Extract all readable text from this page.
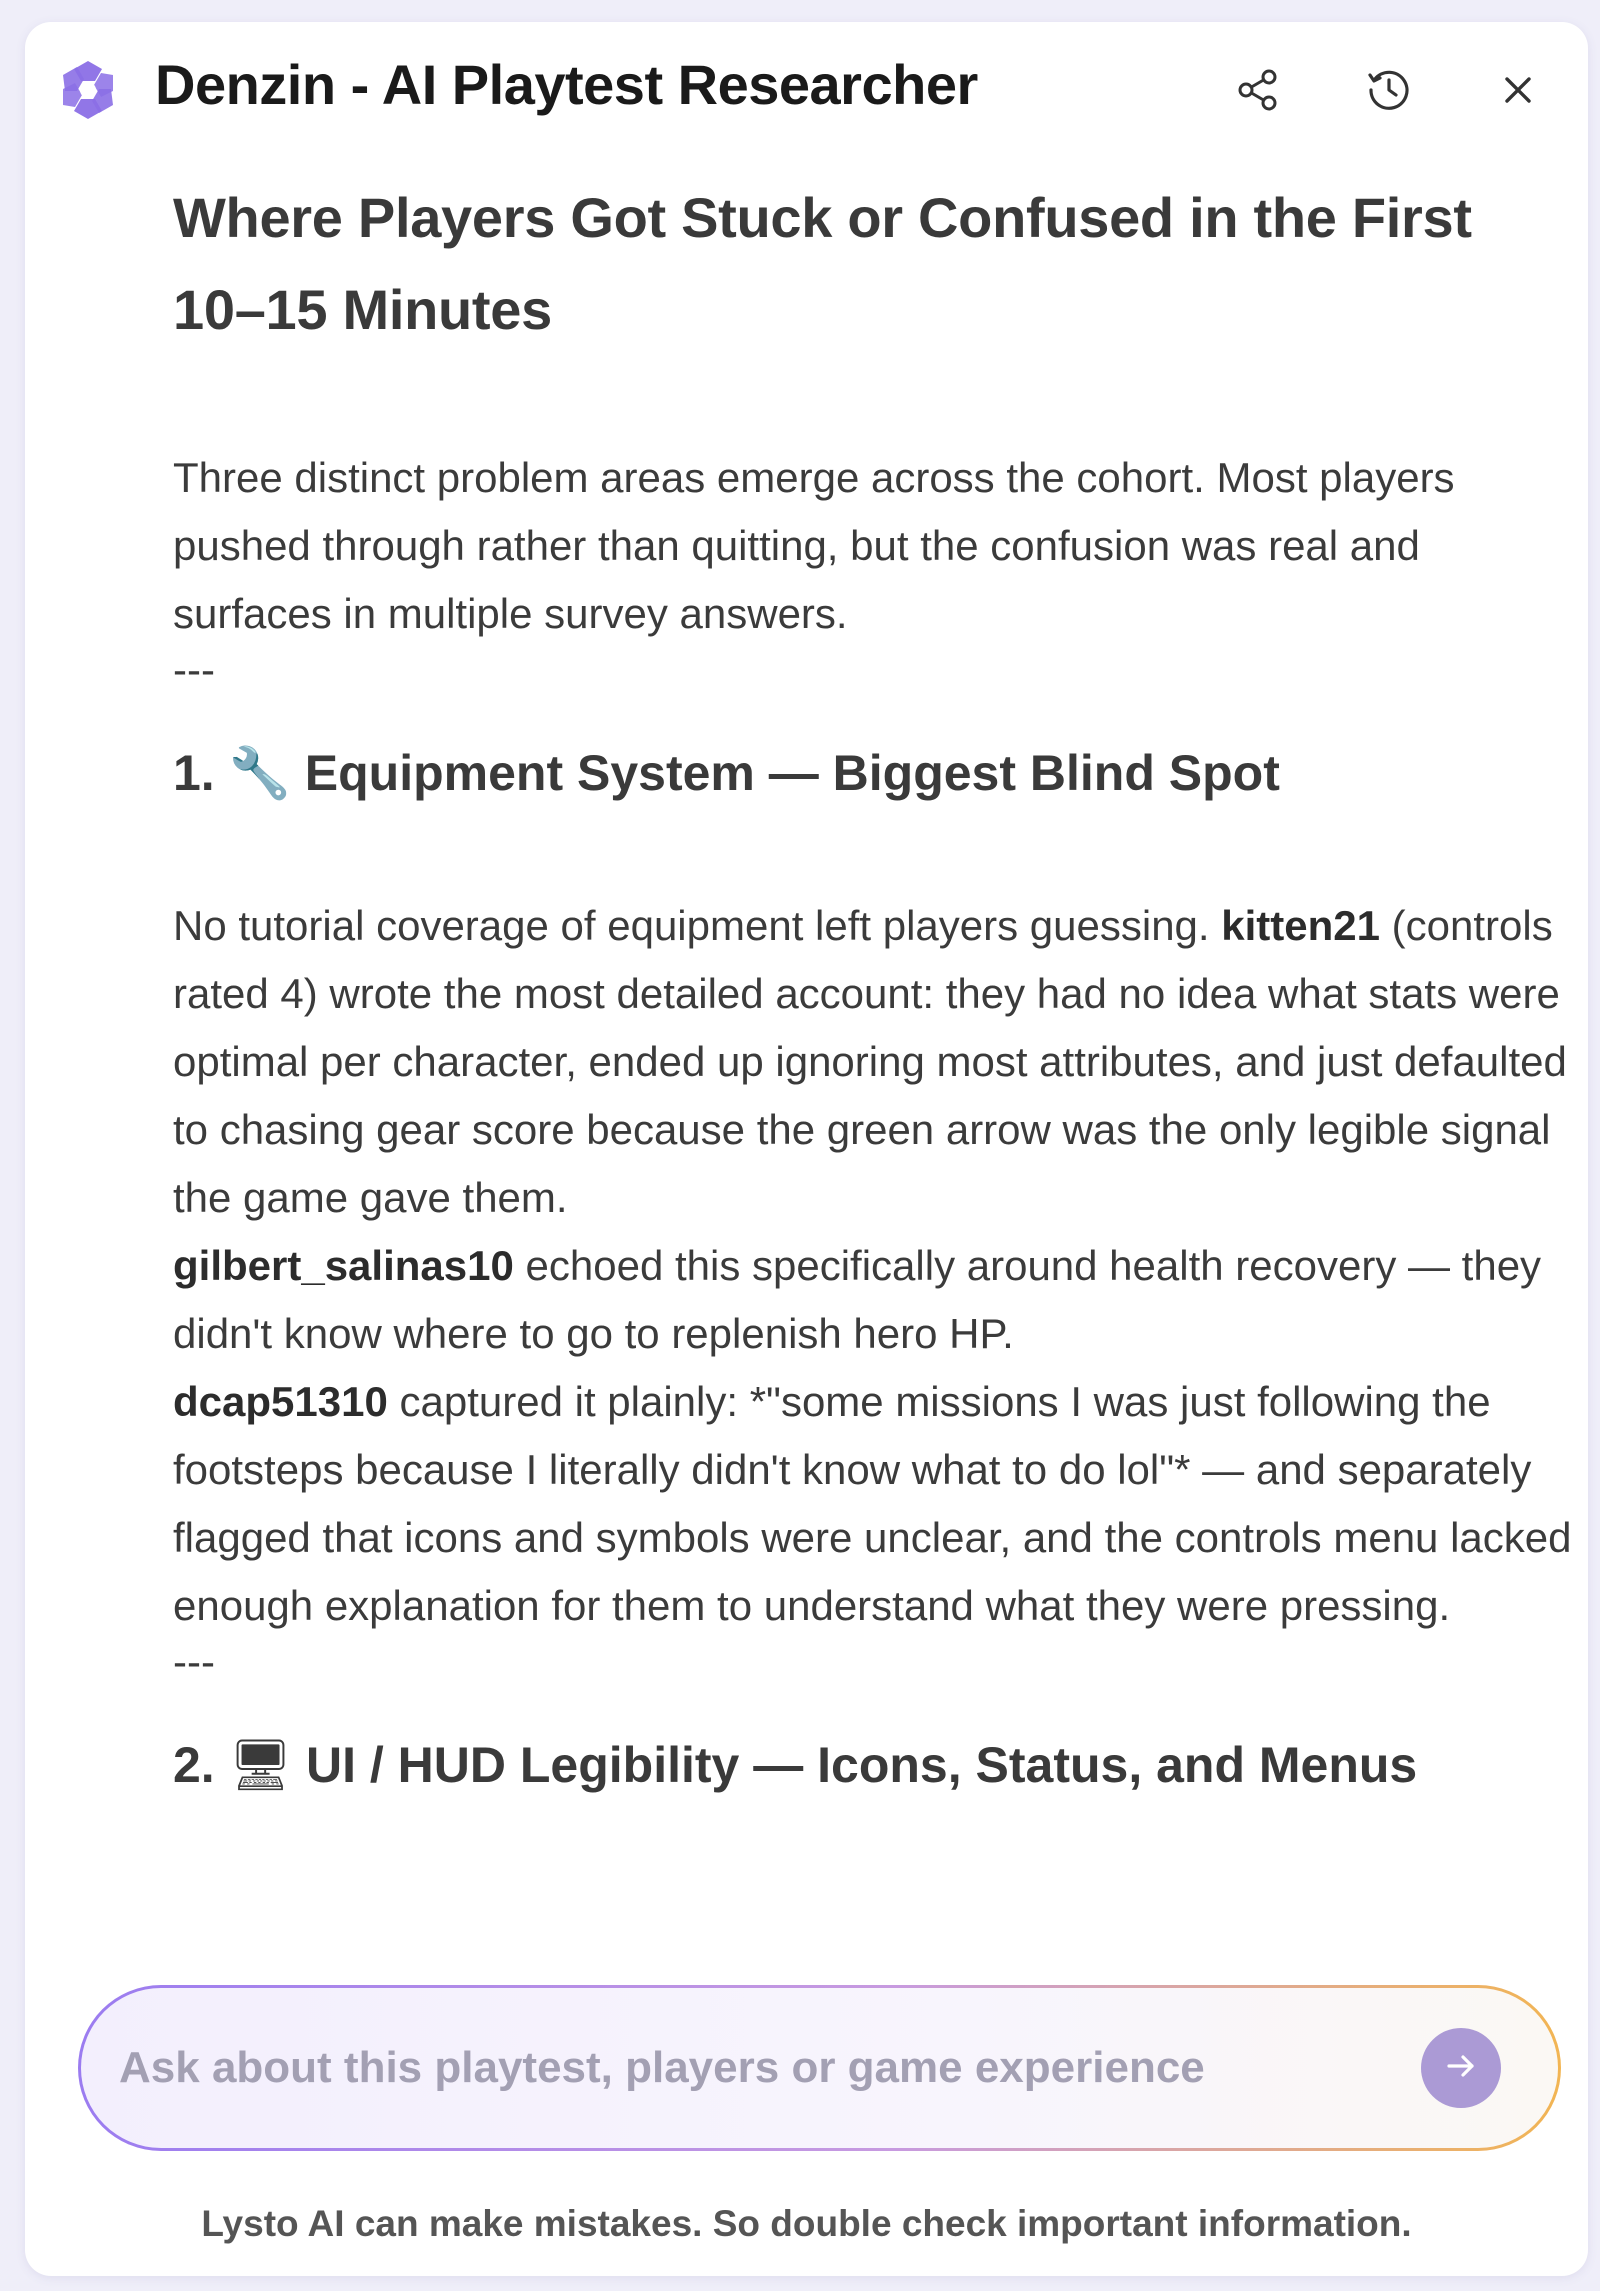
Denzin - AI Playtest Researcher
Where Players Got Stuck or Confused in the First 10–15 Minutes

Three distinct problem areas emerge across the cohort. Most players pushed through rather than quitting, but the confusion was real and surfaces in multiple survey answers.

---
1. 🔧 Equipment System — Biggest Blind Spot
No tutorial coverage of equipment left players guessing. kitten21 (controls rated 4) wrote the most detailed account: they had no idea what stats were optimal per character, ended up ignoring most attributes, and just defaulted to chasing gear score because the green arrow was the only legible signal the game gave them.
gilbert_salinas10 echoed this specifically around health recovery — they didn't know where to go to replenish hero HP.
dcap51310 captured it plainly: *"some missions I was just following the footsteps because I literally didn't know what to do lol"* — and separately flagged that icons and symbols were unclear, and the controls menu lacked enough explanation for them to understand what they were pressing.
---
2. 🖥 UI / HUD Legibility — Icons, Status, and Menus
Ask about this playtest, players or game experience
Lysto AI can make mistakes. So double check important information.
